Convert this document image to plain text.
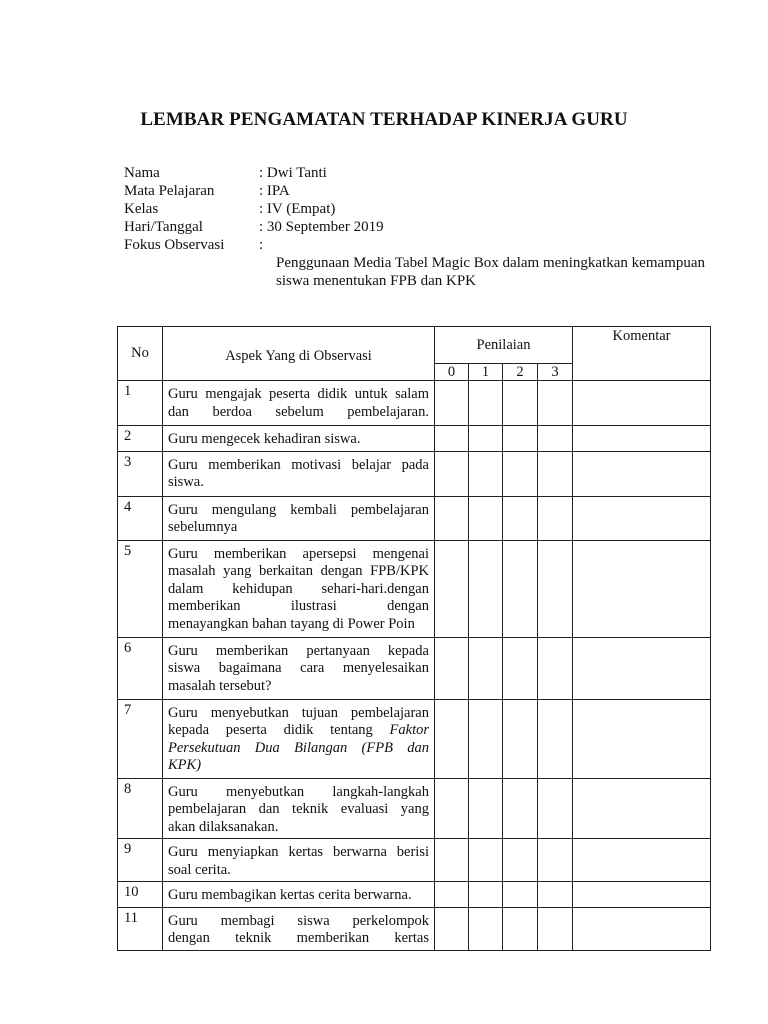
LEMBAR PENGAMATAN TERHADAP KINERJA GURU
Nama	: Dwi Tanti
Mata Pelajaran	: IPA
Kelas	: IV (Empat)
Hari/Tanggal	: 30 September 2019
Fokus Observasi	:
Penggunaan Media Tabel Magic Box dalam meningkatkan kemampuan
siswa menentukan FPB dan KPK
No	Aspek Yang di Observasi	Penilaian				Komentar
		0	1	2	3	
1	Guru mengajak peserta didik untuk salam
dan berdoa sebelum pembelajaran.					

2	Guru mengecek kehadiran siswa.					

3	Guru memberikan motivasi belajar pada
siswa.					

4	Guru mengulang kembali pembelajaran
sebelumnya					

5	Guru memberikan apersepsi mengenai
masalah yang berkaitan dengan FPB/KPK
dalam kehidupan sehari-hari.dengan
memberikan ilustrasi dengan
menayangkan bahan tayang di Power Poin					

6	Guru memberikan pertanyaan kepada
siswa bagaimana cara menyelesaikan
masalah tersebut?					

7	Guru menyebutkan tujuan pembelajaran
kepada peserta didik tentang Faktor
Persekutuan Dua Bilangan (FPB dan
KPK)					

8	Guru menyebutkan langkah-langkah
pembelajaran dan teknik evaluasi yang
akan dilaksanakan.					

9	Guru menyiapkan kertas berwarna berisi
soal cerita.					

10	Guru membagikan kertas cerita berwarna.					

11	Guru membagi siswa perkelompok
dengan teknik memberikan kertas					
